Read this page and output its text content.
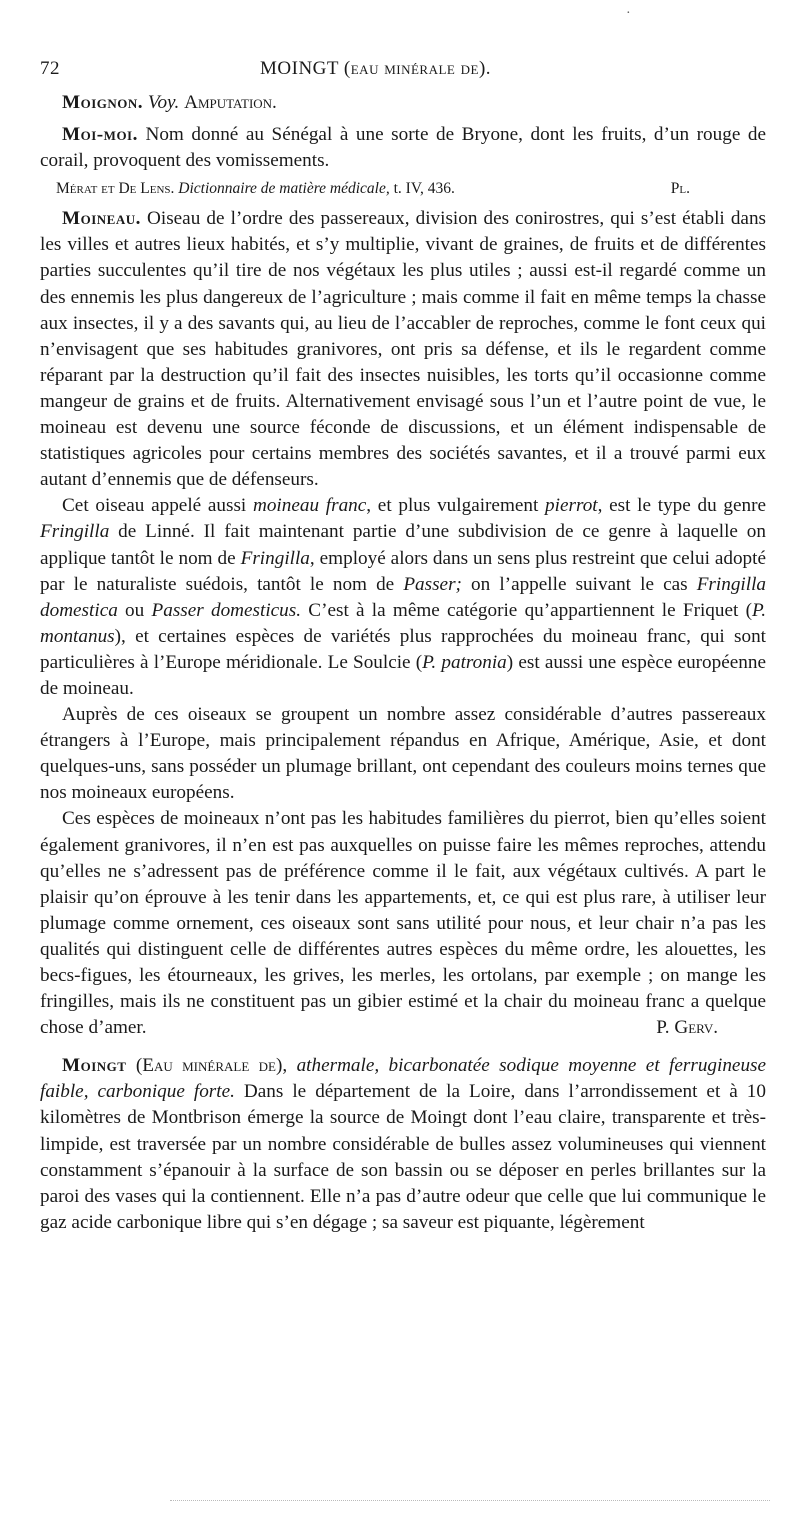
72	MOINGT (eau minérale de).

Moignon. Voy. Amputation.

Moi-moi. Nom donné au Sénégal à une sorte de Bryone, dont les fruits, d’un rouge de corail, provoquent des vomissements.

Mérat et De Lens. Dictionnaire de matière médicale, t. IV, 436.	Pl.

Moineau. Oiseau de l’ordre des passereaux, division des conirostres, qui s’est établi dans les villes et autres lieux habités, et s’y multiplie, vivant de graines, de fruits et de différentes parties succulentes qu’il tire de nos végétaux les plus utiles ; aussi est-il regardé comme un des ennemis les plus dangereux de l’agriculture ; mais comme il fait en même temps la chasse aux insectes, il y a des savants qui, au lieu de l’accabler de reproches, comme le font ceux qui n’envisagent que ses habitudes granivores, ont pris sa défense, et ils le regardent comme réparant par la destruction qu’il fait des insectes nuisibles, les torts qu’il occasionne comme mangeur de grains et de fruits. Alternativement envisagé sous l’un et l’autre point de vue, le moineau est devenu une source féconde de discussions, et un élément indispensable de statistiques agricoles pour certains membres des sociétés savantes, et il a trouvé parmi eux autant d’ennemis que de défenseurs.

Cet oiseau appelé aussi moineau franc, et plus vulgairement pierrot, est le type du genre Fringilla de Linné. Il fait maintenant partie d’une subdivision de ce genre à laquelle on applique tantôt le nom de Fringilla, employé alors dans un sens plus restreint que celui adopté par le naturaliste suédois, tantôt le nom de Passer; on l’appelle suivant le cas Fringilla domestica ou Passer domesticus. C’est à la même catégorie qu’appartiennent le Friquet (P. montanus), et certaines espèces de variétés plus rapprochées du moineau franc, qui sont particulières à l’Europe méridionale. Le Soulcie (P. patronia) est aussi une espèce européenne de moineau.

Auprès de ces oiseaux se groupent un nombre assez considérable d’autres passereaux étrangers à l’Europe, mais principalement répandus en Afrique, Amérique, Asie, et dont quelques-uns, sans posséder un plumage brillant, ont cependant des couleurs moins ternes que nos moineaux européens.

Ces espèces de moineaux n’ont pas les habitudes familières du pierrot, bien qu’elles soient également granivores, il n’en est pas auxquelles on puisse faire les mêmes reproches, attendu qu’elles ne s’adressent pas de préférence comme il le fait, aux végétaux cultivés. A part le plaisir qu’on éprouve à les tenir dans les appartements, et, ce qui est plus rare, à utiliser leur plumage comme ornement, ces oiseaux sont sans utilité pour nous, et leur chair n’a pas les qualités qui distinguent celle de différentes autres espèces du même ordre, les alouettes, les becs-figues, les étourneaux, les grives, les merles, les ortolans, par exemple ; on mange les fringilles, mais ils ne constituent pas un gibier estimé et la chair du moineau franc a quelque chose d’amer.	P. Gerv.

Moingt (Eau minérale de), athermale, bicarbonatée sodique moyenne et ferrugineuse faible, carbonique forte. Dans le département de la Loire, dans l’arrondissement et à 10 kilomètres de Montbrison émerge la source de Moingt dont l’eau claire, transparente et très-limpide, est traversée par un nombre considérable de bulles assez volumineuses qui viennent constamment s’épanouir à la surface de son bassin ou se déposer en perles brillantes sur la paroi des vases qui la contiennent. Elle n’a pas d’autre odeur que celle que lui communique le gaz acide carbonique libre qui s’en dégage ; sa saveur est piquante, légèrement

·
